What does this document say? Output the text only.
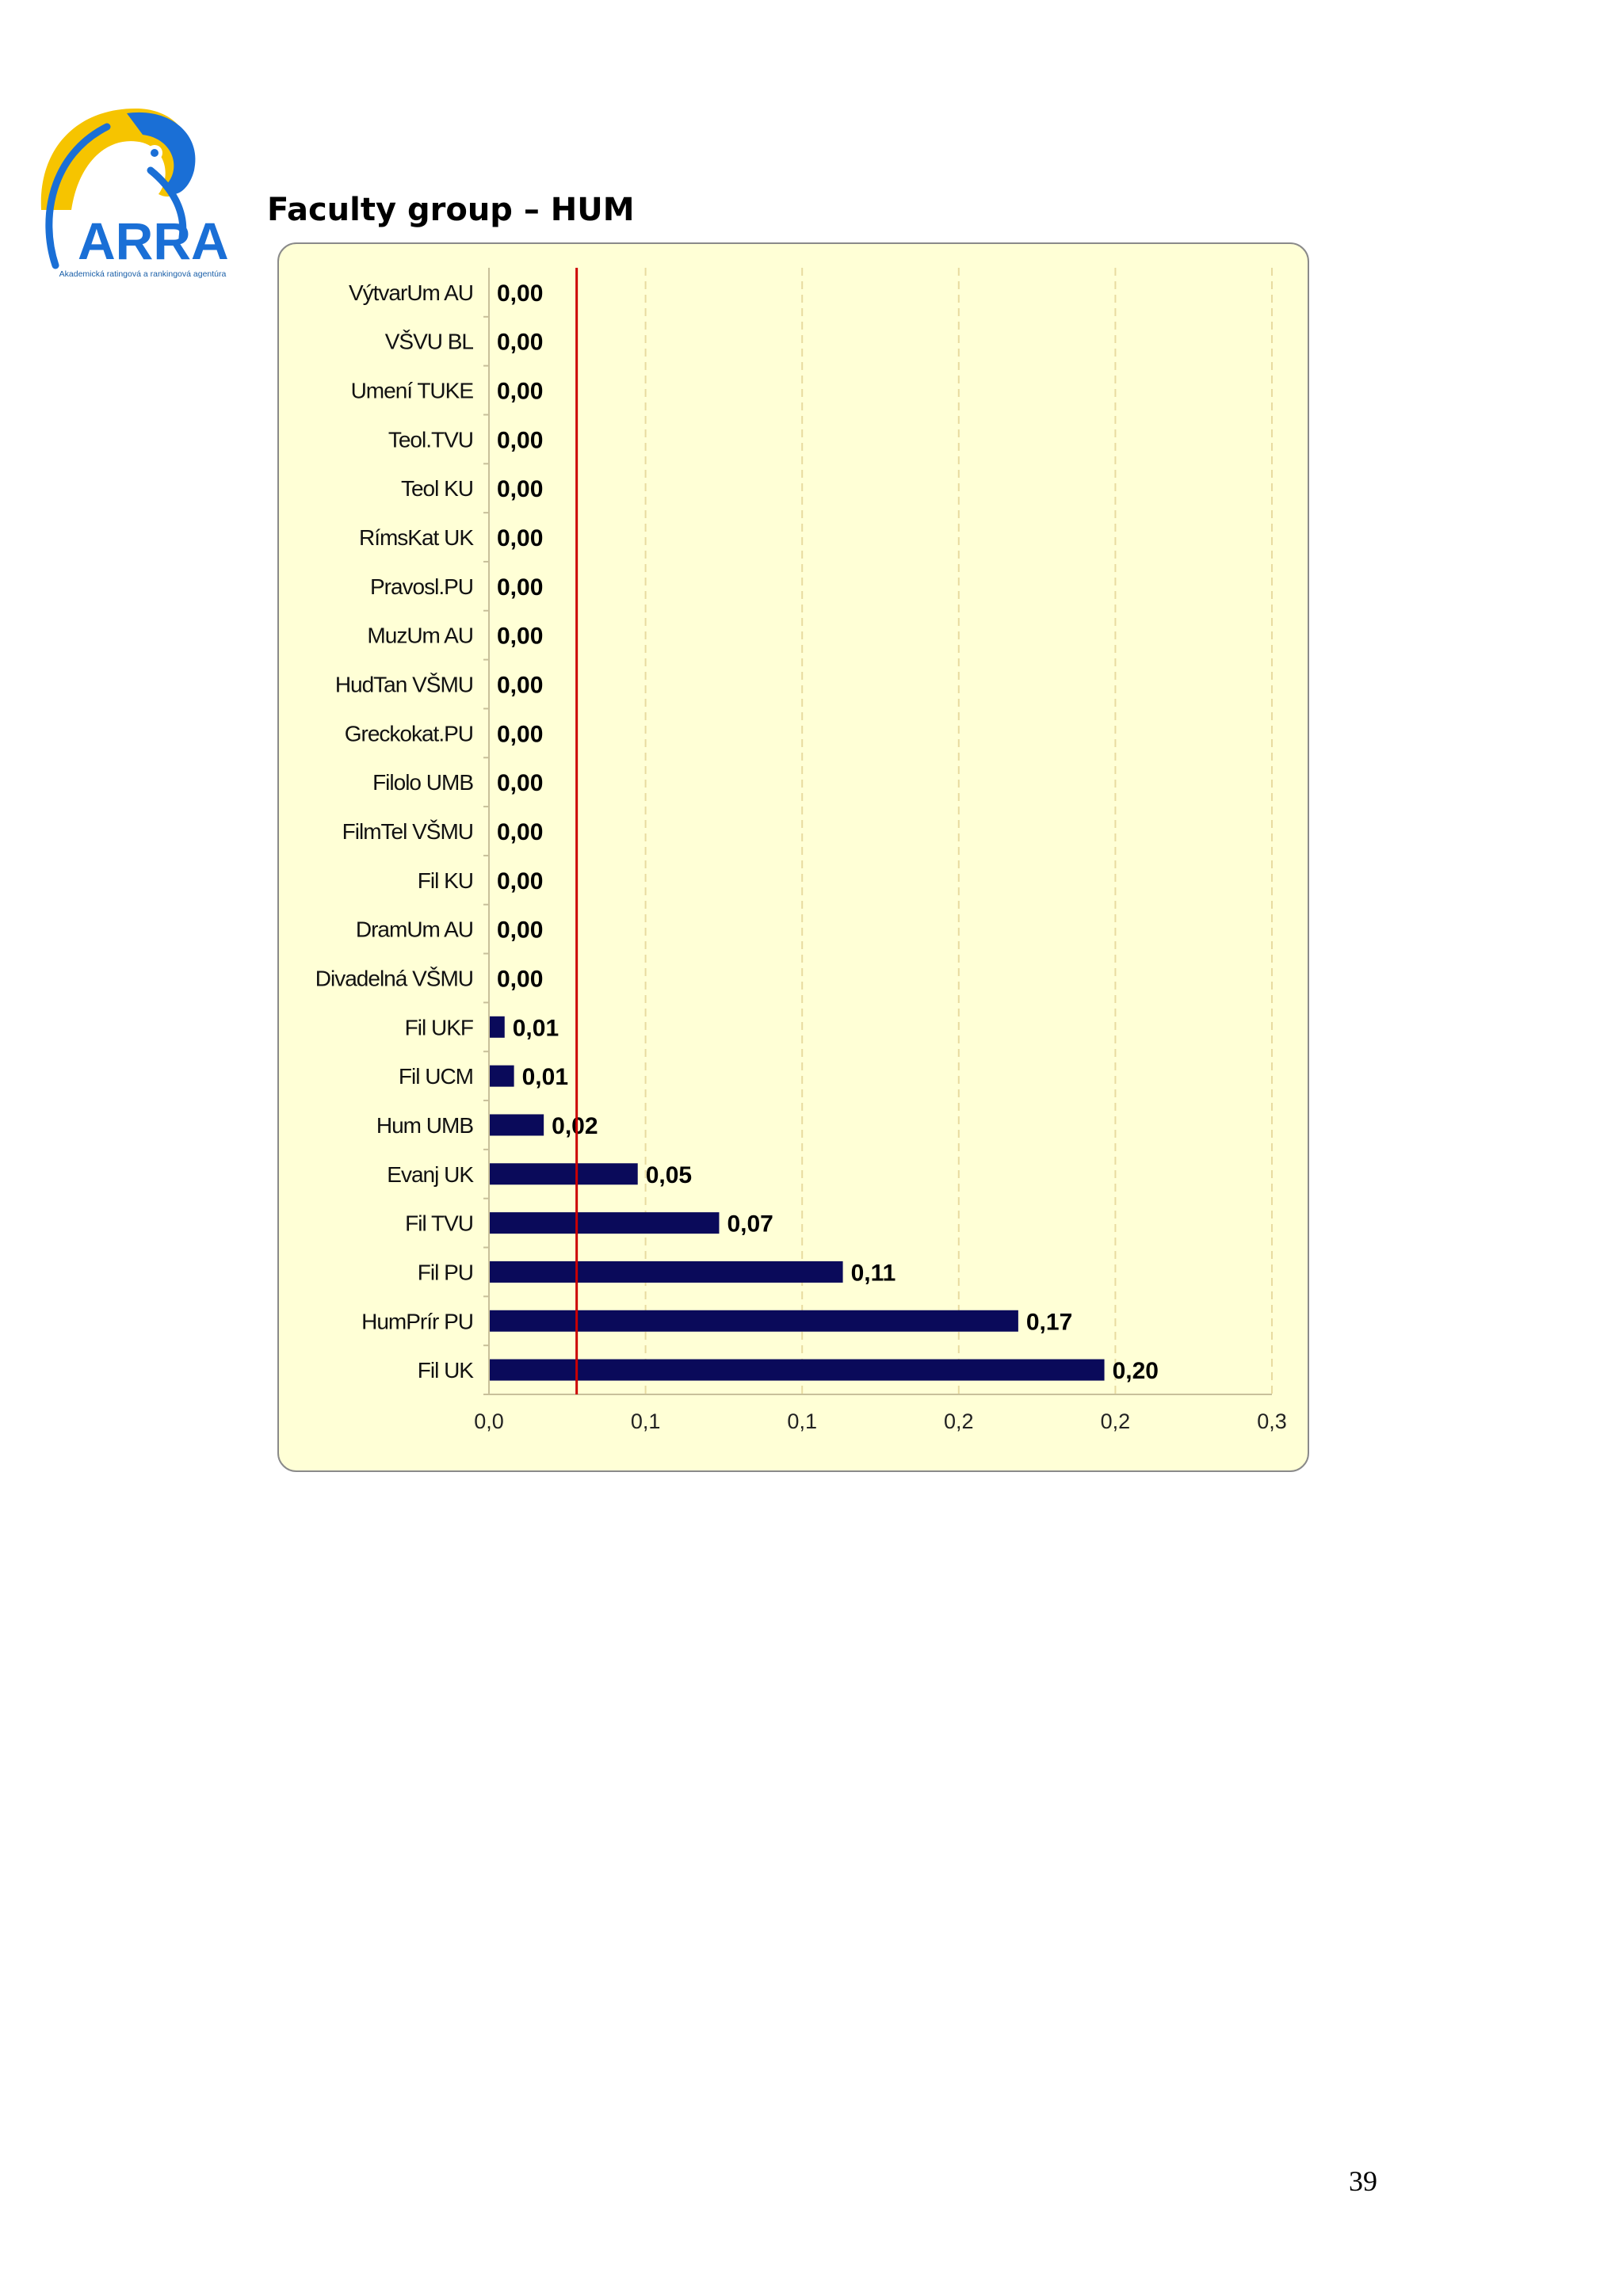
ARRA
Akademická ratingová a rankingová agentúra
Faculty group – HUM
VýtvarUm AU 0,00
VŠVU BL 0,00
Umení TUKE 0,00
Teol.TVU 0,00
Teol KU 0,00
RímsKat UK 0,00
Pravosl.PU 0,00
MuzUm AU 0,00
HudTan VŠMU 0,00
Greckokat.PU 0,00
Filolo UMB 0,00
FilmTel VŠMU 0,00
Fil KU 0,00
DramUm AU 0,00
Divadelná VŠMU 0,00
Fil UKF 0,01
Fil UCM 0,01
Hum UMB	0,02
Evanj UK	0,05
Fil TVU	0,07
Fil PU	0,11
HumPrír PU	0,17
Fil UK	0,20
0,0	0,1	0,1	0,2	0,2	0,3
39
